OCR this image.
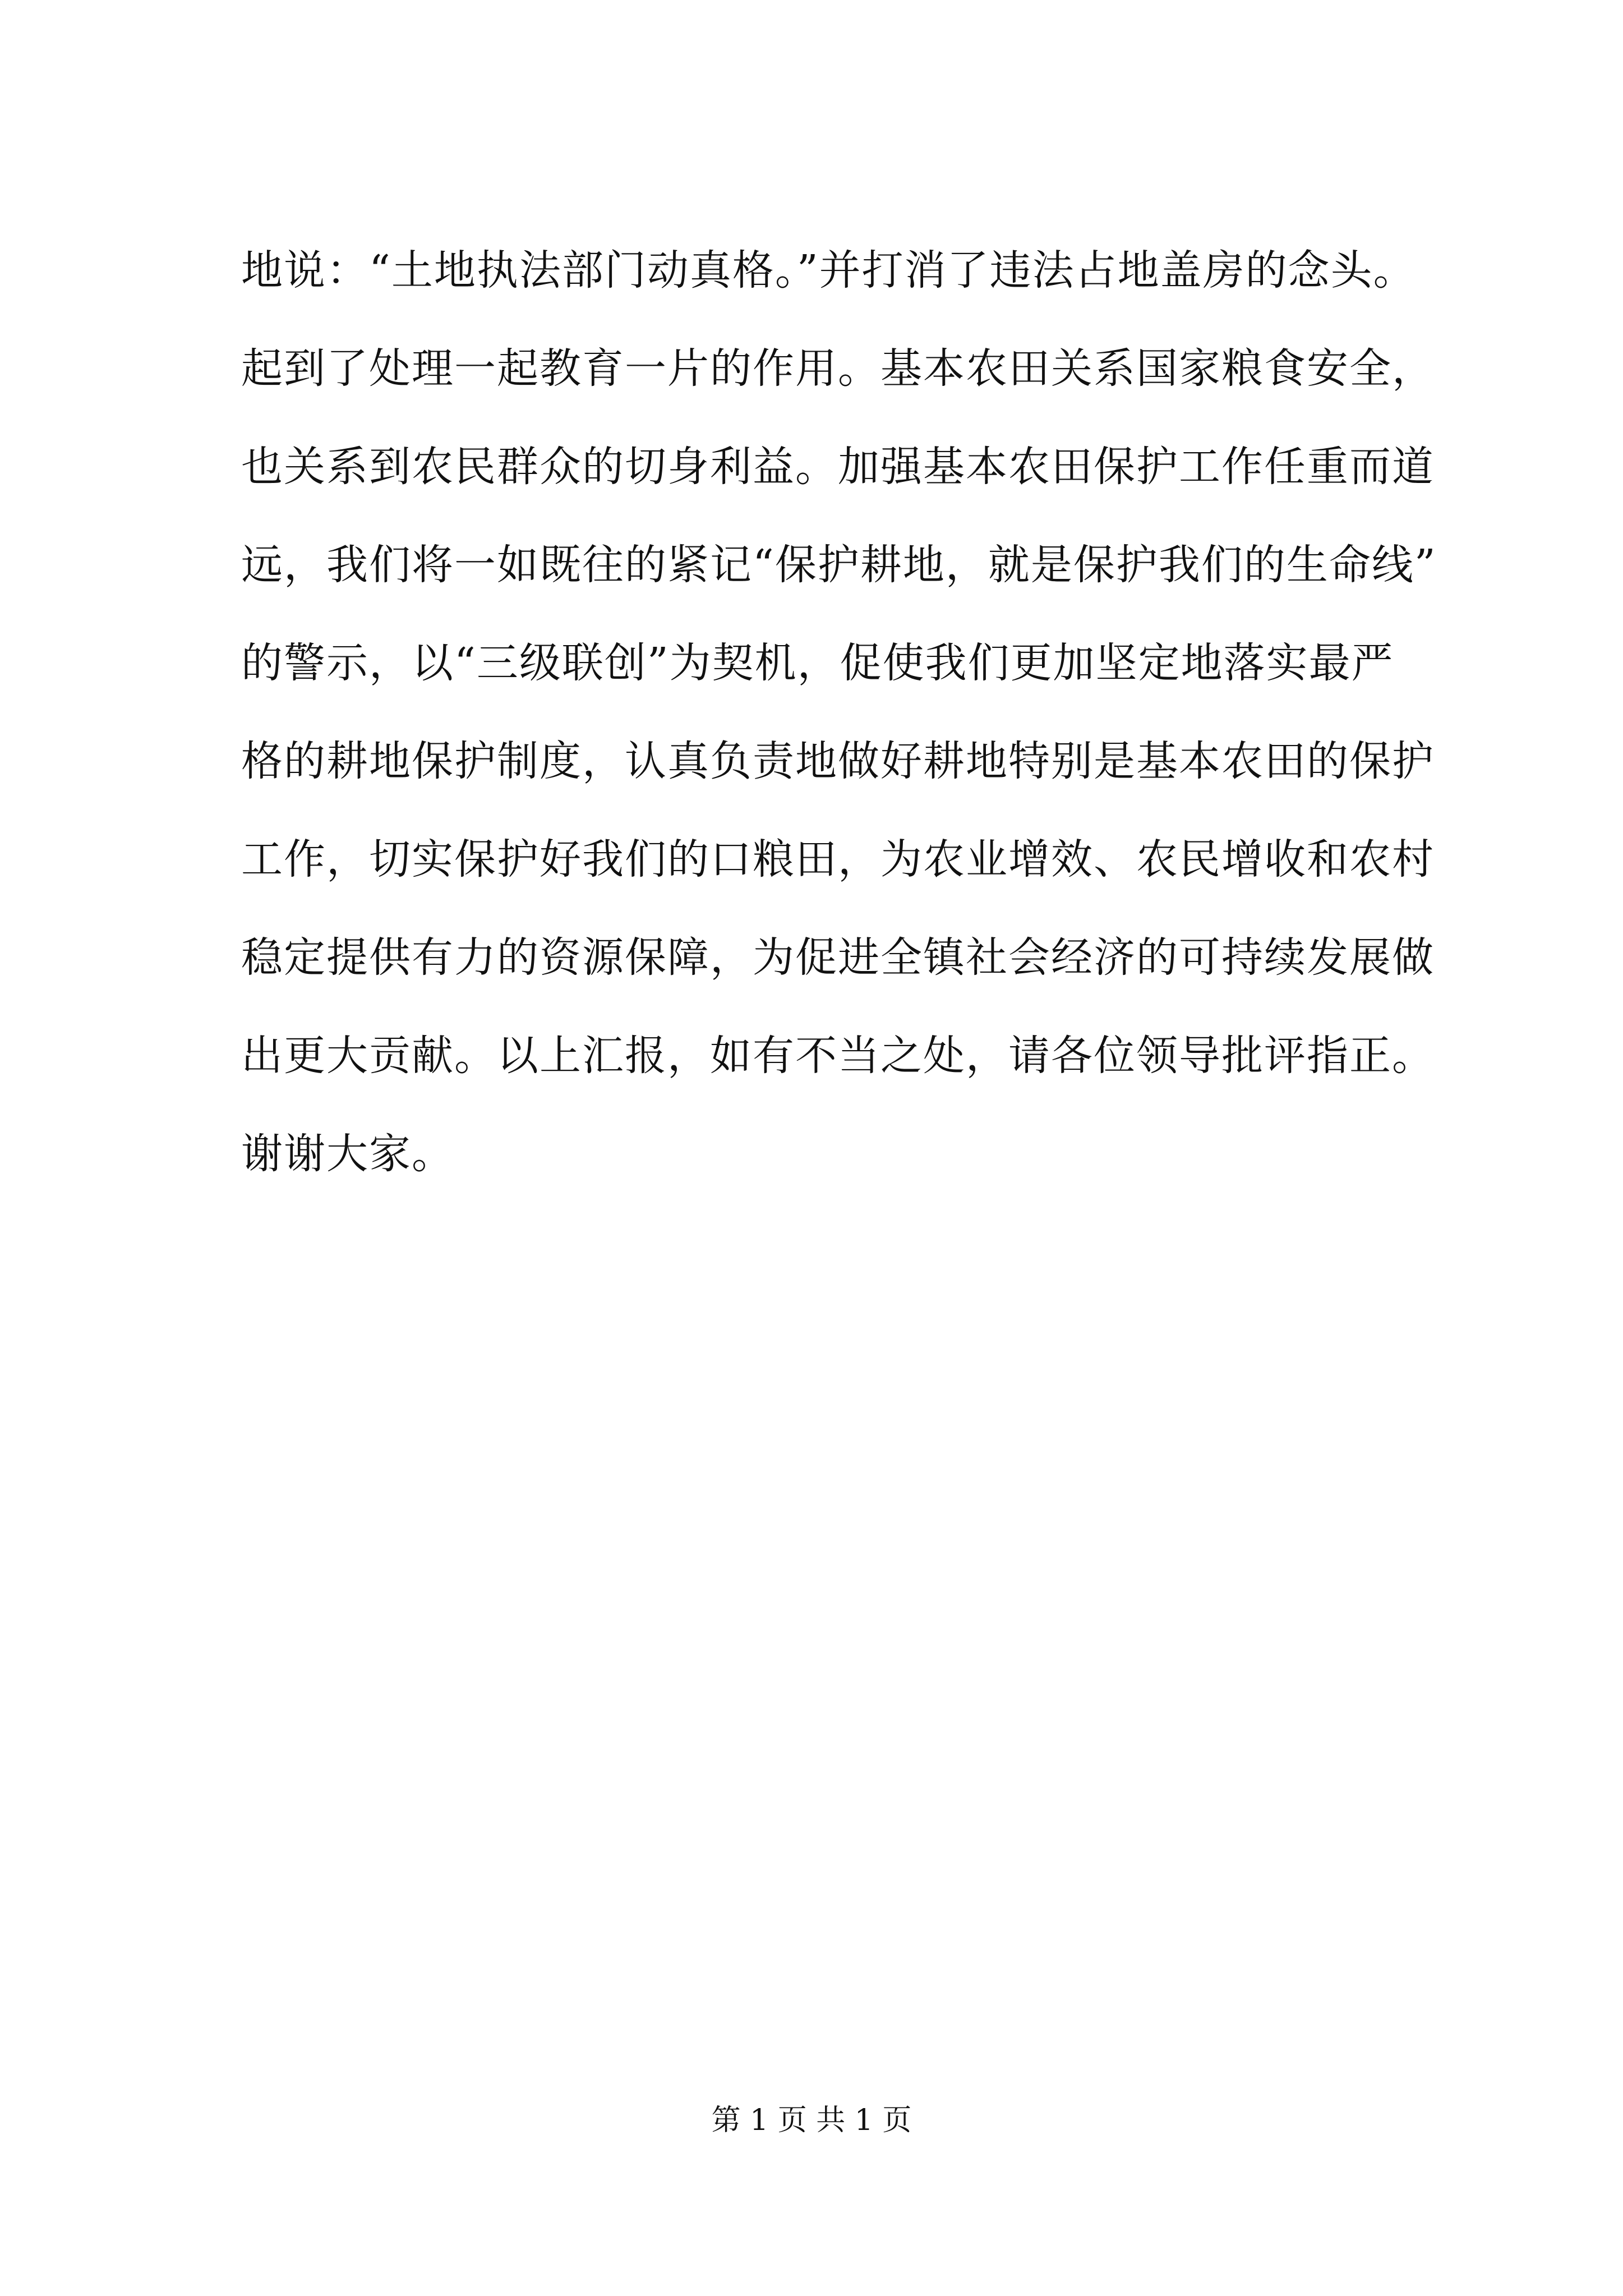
地说：“土地执法部门动真格。”并打消了违法占地盖房的念头。
起到了处理一起教育一片的作用。基本农田关系国家粮食安全，
也关系到农民群众的切身利益。加强基本农田保护工作任重而道
远，我们将一如既往的紧记“保护耕地，就是保护我们的生命线”
的警示，以“三级联创”为契机，促使我们更加坚定地落实最严
格的耕地保护制度，认真负责地做好耕地特别是基本农田的保护
工作，切实保护好我们的口粮田，为农业增效、农民增收和农村
稳定提供有力的资源保障，为促进全镇社会经济的可持续发展做
出更大贡献。以上汇报，如有不当之处，请各位领导批评指正。
谢谢大家。
第 1 页 共 1 页
